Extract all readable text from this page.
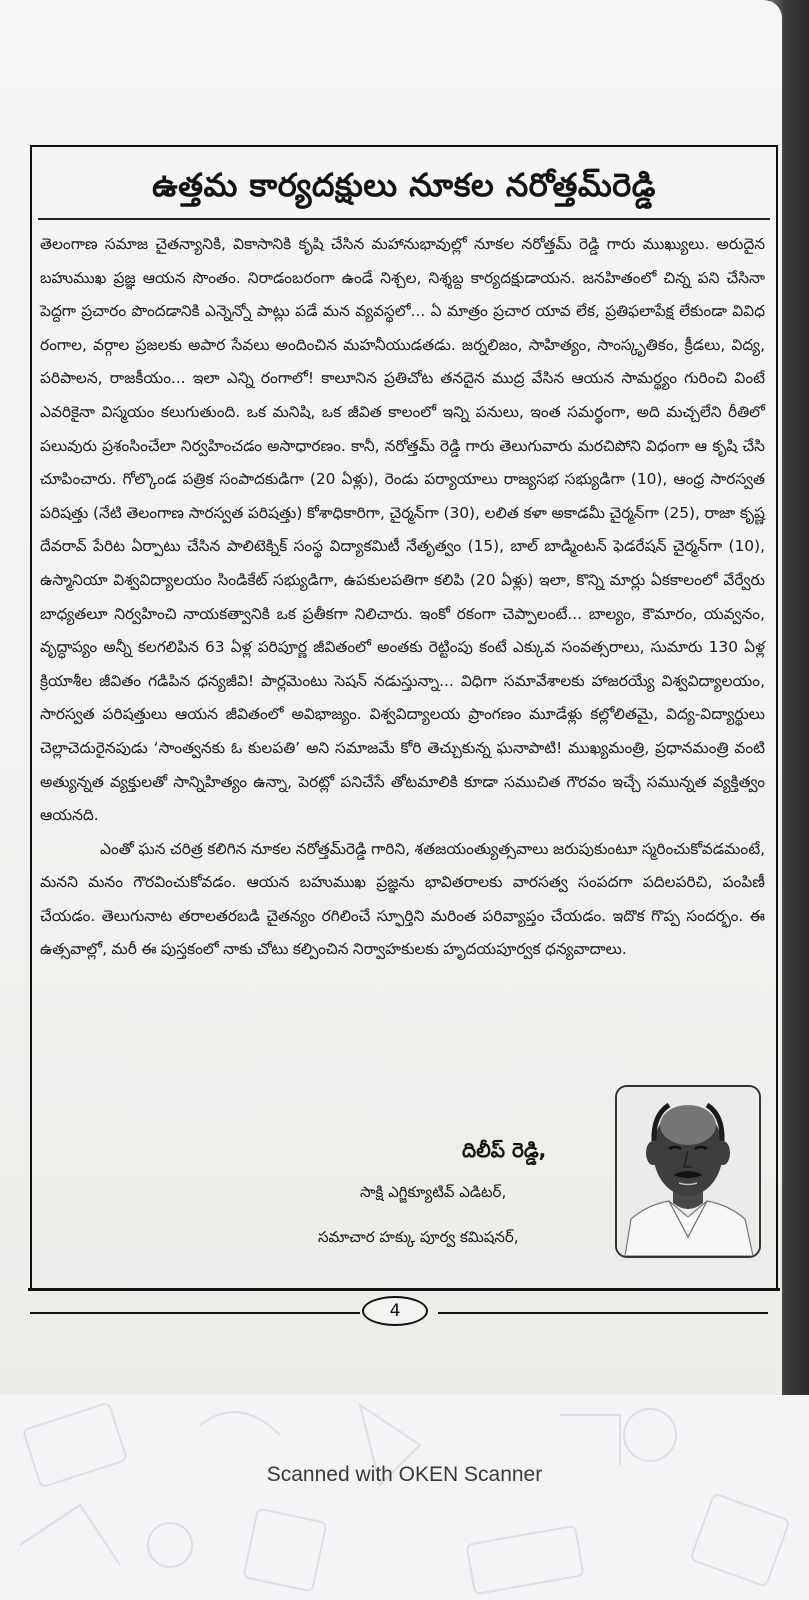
ఉత్తమ కార్యదక్షులు నూకల నరోత్తమ్‌రెడ్డి

తెలంగాణ సమాజ చైతన్యానికి, వికాసానికి కృషి చేసిన మహానుభావుల్లో నూకల నరోత్తమ్ రెడ్డి గారు ముఖ్యులు. అరుదైన బహుముఖ ప్రజ్ఞ ఆయన సొంతం. నిరాడంబరంగా ఉండే నిశ్చల, నిశ్శబ్ద కార్యదక్షుడాయన. జనహితంలో చిన్న పని చేసినా పెద్దగా ప్రచారం పొందడానికి ఎన్నెన్నో పాట్లు పడే మన వ్యవస్థలో... ఏ మాత్రం ప్రచార యావ లేక, ప్రతిఫలాపేక్ష లేకుండా వివిధ రంగాల, వర్గాల ప్రజలకు అపార సేవలు అందించిన మహనీయుడతడు. జర్నలిజం, సాహిత్యం, సాంస్కృతికం, క్రీడలు, విద్య, పరిపాలన, రాజకీయం... ఇలా ఎన్ని రంగాలో! కాలూనిన ప్రతిచోట తనదైన ముద్ర వేసిన ఆయన సామర్థ్యం గురించి వింటే ఎవరికైనా విస్మయం కలుగుతుంది. ఒక మనిషి, ఒక జీవిత కాలంలో ఇన్ని పనులు, ఇంత సమర్థంగా, అది మచ్చలేని రీతిలో పలువురు ప్రశంసించేలా నిర్వహించడం అసాధారణం. కానీ, నరోత్తమ్ రెడ్డి గారు తెలుగువారు మరచిపోని విధంగా ఆ కృషి చేసి చూపించారు. గోల్కొండ పత్రిక సంపాదకుడిగా (20 ఏళ్లు), రెండు పర్యాయాలు రాజ్యసభ సభ్యుడిగా (10), ఆంధ్ర సారస్వత పరిషత్తు (నేటి తెలంగాణ సారస్వత పరిషత్తు) కోశాధికారిగా, చైర్మన్‌గా (30), లలిత కళా అకాడమీ చైర్మన్‌గా (25), రాజా కృష్ణ దేవరావ్ పేరిట ఏర్పాటు చేసిన పాలిటెక్నిక్ సంస్థ విద్యాకమిటీ నేతృత్వం (15), బాల్ బాడ్మింటన్ ఫెడరేషన్ చైర్మన్‌గా (10), ఉస్మానియా విశ్వవిద్యాలయం సిండికేట్ సభ్యుడిగా, ఉపకులపతిగా కలిపి (20 ఏళ్లు) ఇలా, కొన్ని మార్లు ఏకకాలంలో వేర్వేరు బాధ్యతలూ నిర్వహించి నాయకత్వానికి ఒక ప్రతీకగా నిలిచారు. ఇంకో రకంగా చెప్పాలంటే... బాల్యం, కౌమారం, యవ్వనం, వృద్ధాప్యం అన్నీ కలగలిపిన 63 ఏళ్ల పరిపూర్ణ జీవితంలో అంతకు రెట్టింపు కంటే ఎక్కువ సంవత్సరాలు, సుమారు 130 ఏళ్ల క్రియాశీల జీవితం గడిపిన ధన్యజీవి! పార్లమెంటు సెషన్ నడుస్తున్నా... విధిగా సమావేశాలకు హాజరయ్యే విశ్వవిద్యాలయం, సారస్వత పరిషత్తులు ఆయన జీవితంలో అవిభాజ్యం. విశ్వవిద్యాలయ ప్రాంగణం మూడేళ్లు కల్లోలితమై, విద్య-విద్యార్థులు చెల్లాచెదురైనపుడు ‘సాంత్వనకు ఓ కులపతి’ అని సమాజమే కోరి తెచ్చుకున్న ఘనాపాటి! ముఖ్యమంత్రి, ప్రధానమంత్రి వంటి అత్యున్నత వ్యక్తులతో సాన్నిహిత్యం ఉన్నా, పెరట్లో పనిచేసే తోటమాలికి కూడా సముచిత గౌరవం ఇచ్చే సమున్నత వ్యక్తిత్వం ఆయనది.

ఎంతో ఘన చరిత్ర కలిగిన నూకల నరోత్తమ్‌రెడ్డి గారిని, శతజయంత్యుత్సవాలు జరుపుకుంటూ స్మరించుకోవడమంటే, మనని మనం గౌరవించుకోవడం. ఆయన బహుముఖ ప్రజ్ఞను భావితరాలకు వారసత్వ సంపదగా పదిలపరిచి, పంపిణీ చేయడం. తెలుగునాట తరాలతరబడి చైతన్యం రగిలించే స్ఫూర్తిని మరింత పరివ్యాప్తం చేయడం. ఇదొక గొప్ప సందర్భం. ఈ ఉత్సవాల్లో, మరీ ఈ పుస్తకంలో నాకు చోటు కల్పించిన నిర్వాహకులకు హృదయపూర్వక ధన్యవాదాలు.

దిలీప్ రెడ్డి,
సాక్షి ఎగ్జిక్యూటివ్ ఎడిటర్,
సమాచార హక్కు పూర్వ కమిషనర్,
4
Scanned with OKEN Scanner
